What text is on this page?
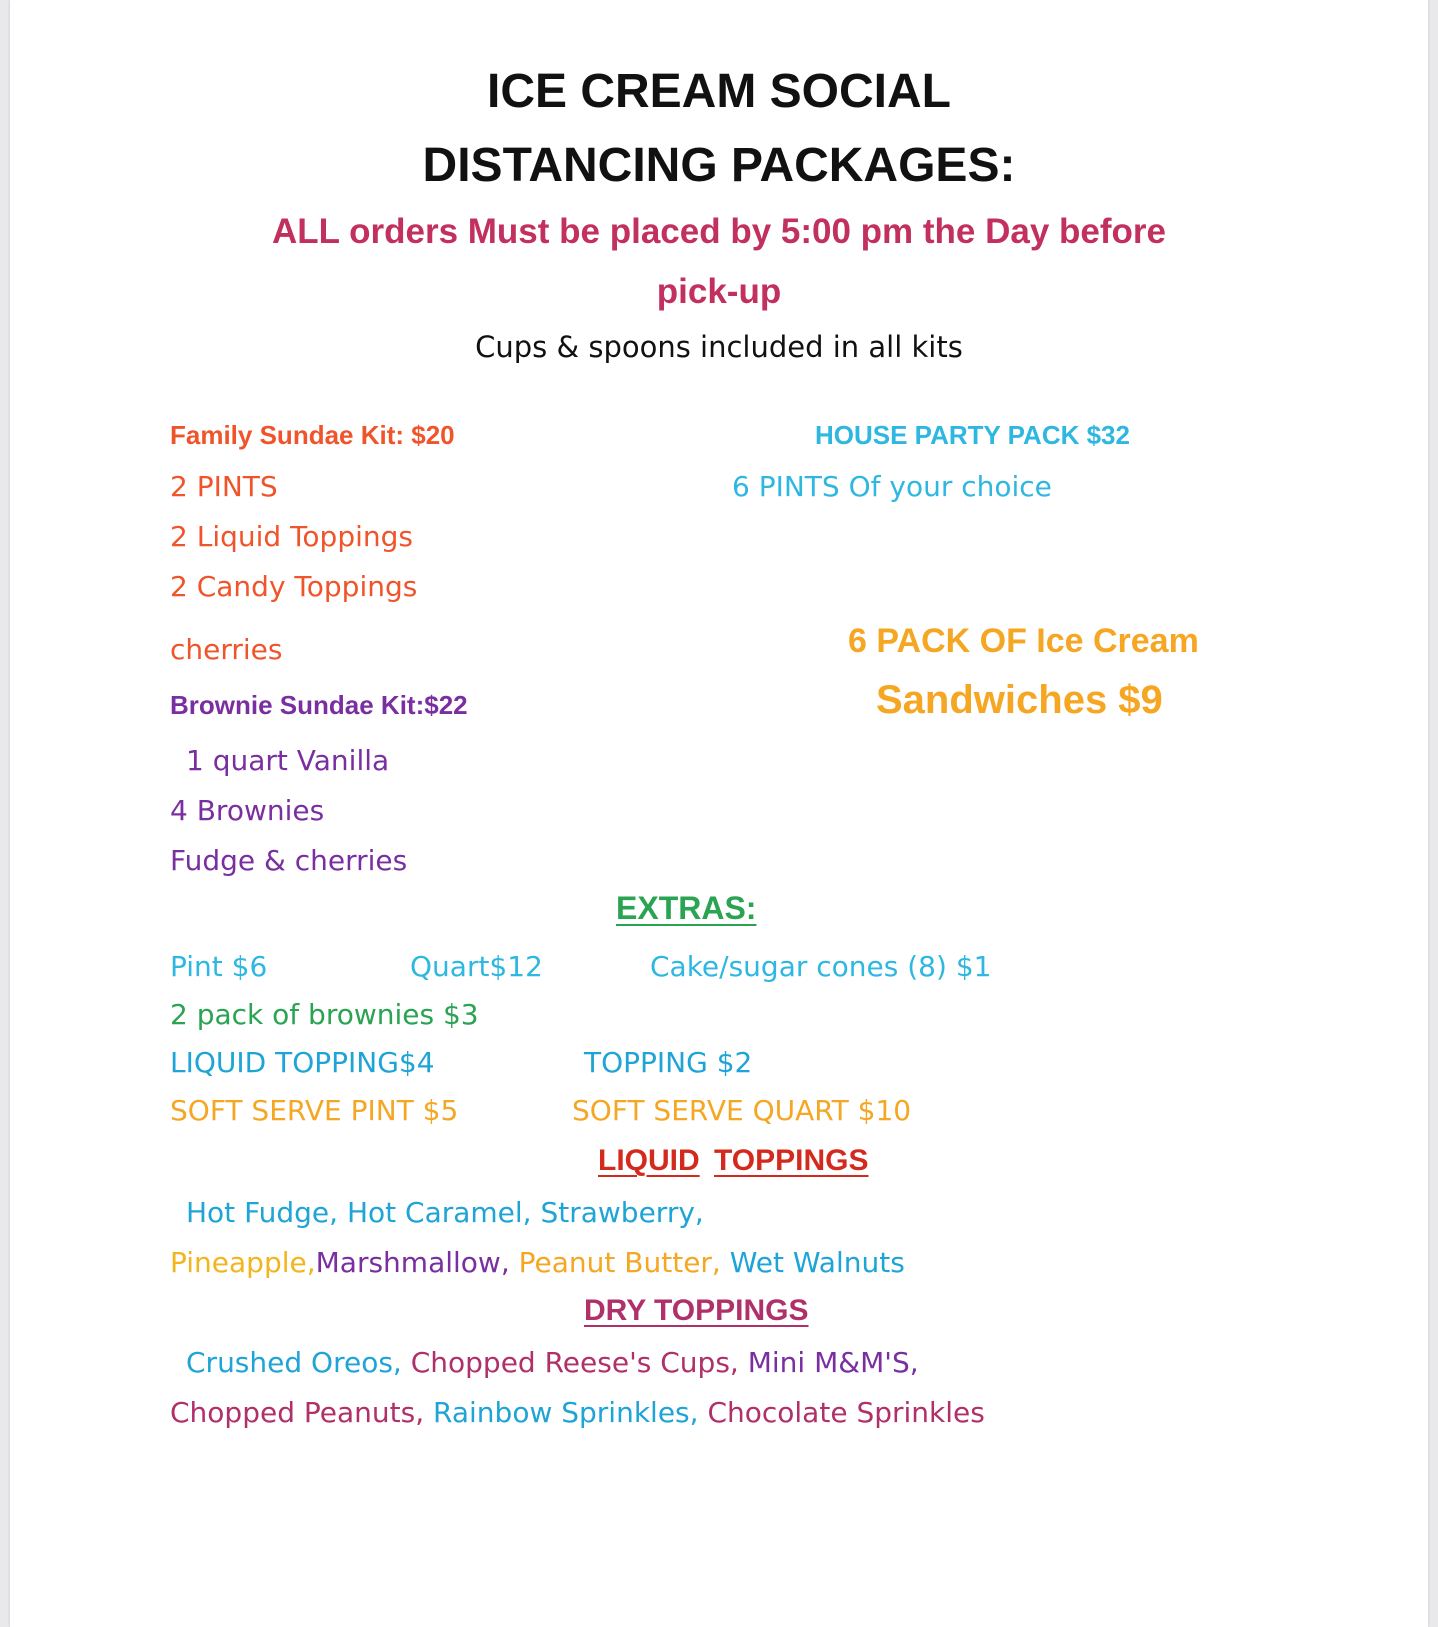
ICE CREAM SOCIAL
DISTANCING PACKAGES:
ALL orders Must be placed by 5:00 pm the Day before
pick-up
Cups & spoons included in all kits
Family Sundae Kit: $20
2 PINTS
2 Liquid Toppings
2 Candy Toppings
cherries
Brownie Sundae Kit:$22
1 quart Vanilla
4 Brownies
Fudge & cherries
HOUSE PARTY PACK $32
6 PINTS Of your choice
6 PACK OF Ice Cream
Sandwiches $9
EXTRAS:
Pint $6	Quart$12	Cake/sugar cones (8) $1
2 pack of brownies $3
LIQUID TOPPING$4	TOPPING $2
SOFT SERVE PINT $5	SOFT SERVE QUART $10
LIQUID TOPPINGS
Hot Fudge, Hot Caramel, Strawberry,
Pineapple,Marshmallow, Peanut Butter, Wet Walnuts
DRY TOPPINGS
Crushed Oreos, Chopped Reese's Cups, Mini M&M'S,
Chopped Peanuts, Rainbow Sprinkles, Chocolate Sprinkles
